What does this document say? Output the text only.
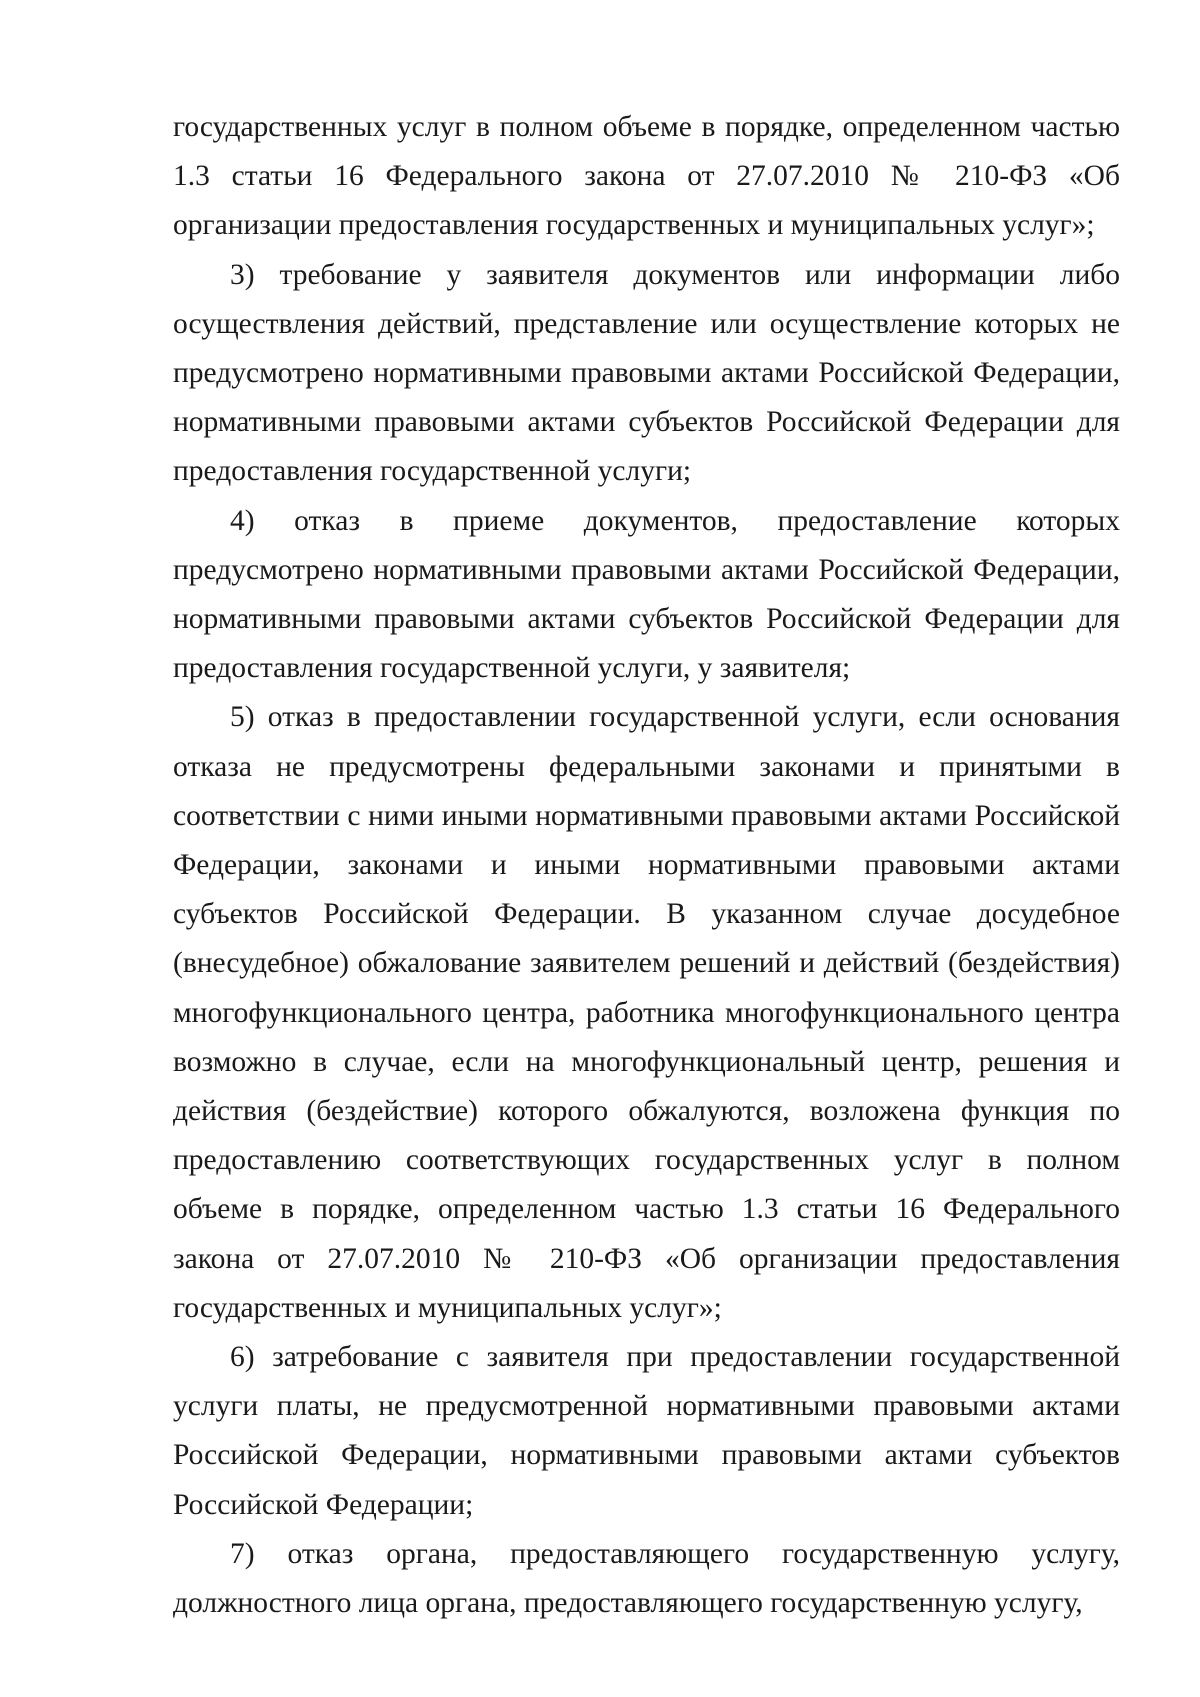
государственных услуг в полном объеме в порядке, определенном частью 1.3 статьи 16 Федерального закона от 27.07.2010 № 210-ФЗ «Об организации предоставления государственных и муниципальных услуг»;

3) требование у заявителя документов или информации либо осуществления действий, представление или осуществление которых не предусмотрено нормативными правовыми актами Российской Федерации, нормативными правовыми актами субъектов Российской Федерации для предоставления государственной услуги;

4) отказ в приеме документов, предоставление которых предусмотрено нормативными правовыми актами Российской Федерации, нормативными правовыми актами субъектов Российской Федерации для предоставления государственной услуги, у заявителя;

5) отказ в предоставлении государственной услуги, если основания отказа не предусмотрены федеральными законами и принятыми в соответствии с ними иными нормативными правовыми актами Российской Федерации, законами и иными нормативными правовыми актами субъектов Российской Федерации. В указанном случае досудебное (внесудебное) обжалование заявителем решений и действий (бездействия) многофункционального центра, работника многофункционального центра возможно в случае, если на многофункциональный центр, решения и действия (бездействие) которого обжалуются, возложена функция по предоставлению соответствующих государственных услуг в полном объеме в порядке, определенном частью 1.3 статьи 16 Федерального закона от 27.07.2010 № 210-ФЗ «Об организации предоставления государственных и муниципальных услуг»;

6) затребование с заявителя при предоставлении государственной услуги платы, не предусмотренной нормативными правовыми актами Российской Федерации, нормативными правовыми актами субъектов Российской Федерации;

7) отказ органа, предоставляющего государственную услугу, должностного лица органа, предоставляющего государственную услугу,
